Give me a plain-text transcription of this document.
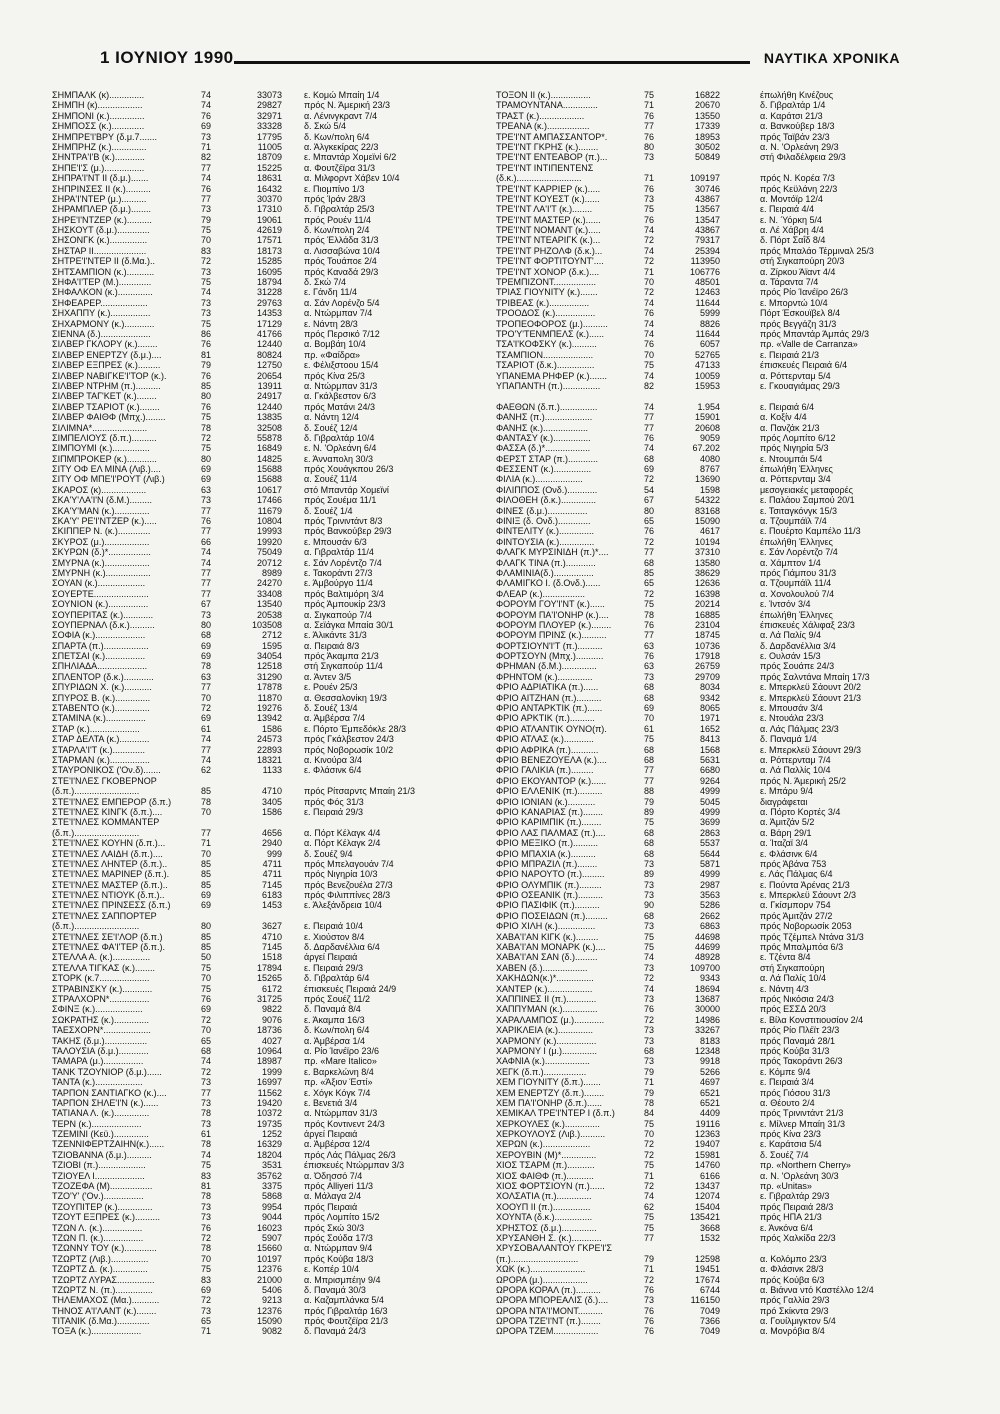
1 ΙΟΥΝΙΟΥ 1990	ΝΑΥΤΙΚΑ ΧΡΟΝΙΚΑ
ΣΗΜΠΑΛΚ (κ)..............	74	33073 ε. Κομώ Μπαίη 1/4
ΣΗΜΠΗ (κ)..................	74	29827 πρός Ν. Άμερική 23/3
ΣΗΜΠΟΝΙ (κ.)..............	76	32971 α. Λένινγκραντ 7/4
ΣΗΜΠΟΣΣ (κ.).............	69	33328 δ. Σκώ 5/4
ΣΗΜΠΡΕ'Ι'ΒΡΥ (δ.μ.7.......	73	17795 δ. Κων/πολη 6/4
ΣΗΜΠΡΗΖ (κ.)..............	71	11005 α. Άλγκεκίρας 22/3
ΣΗΝΤΡΑ'Ι'Β (κ.)............	82	18709 ε. Μπαντάρ Χομεϊνί 6/2
ΣΗΠΕ'Ι'Σ (μ.)................	77	15225 α. Φουτζέϊρα 31/3
ΣΗΠΡΑ'Ι'ΝΤ ΙΙ (δ.μ.).......	74	18631 α. Μιλφορντ Χάβεν 10/4
ΣΗΠΡΙΝΣΕΣ ΙΙ (κ.)..........	76	16432 ε. Πιομπίνο 1/3
ΣΗΡΑ'Ι'ΝΤΕΡ (μ.)..........	77	30370 πρός Ίράν 28/3
ΣΗΡΑΜΠΛΕΡ (δ.μ.)........	73	17310 δ. Γιβραλτάρ 25/3
ΣΗΡΕ'Ι'ΝΤΖΕΡ (κ.)..........	79	19061 πρός Ρουέν 11/4
ΣΗΣΚΟΥΤ (δ.μ.).............	75	42619 δ. Κων/πολη 2/4
ΣΗΣΟΝΓΚ (κ.)...............	70	17571 πρός Έλλάδα 31/3
ΣΗΣΤΑΡ ΙΙ.....................	83	18173 α. Λισσαβώνα 10/4
ΣΗΤΡΕ'Ι'ΝΤΕΡ ΙΙ (δ.Μα.)..	72	15285 πρός Τουάποε 2/4
ΣΗΤΣΑΜΠΙΟΝ (κ.)...........	73	16095 πρός Καναδά 29/3
ΣΗΦΑ'Ι'ΤΕΡ (Μ.).............	75	18794 δ. Σκώ 7/4
ΣΗΦΑΛΚΟΝ (κ.)..............	74	31228 ε. Γάνδη 11/4
ΣΗΦΕΑΡΕΡ...................	73	29763 α. Σάν Λορένζο 5/4
ΣΗΧΑΠΠΥ (κ.)................	73	14353 α. Ντώρμπαν 7/4
ΣΗΧΑΡΜΟΝΥ (κ.)............	75	17129 ε. Νάντη 28/3
ΣΙΕΝΝΑ (δ.)....................	86	41766 πρός Περσικό 7/12
ΣΙΛΒΕΡ ΓΚΛΟΡΥ (κ.)........	76	12440 α. Βομβάη 10/4
ΣΙΛΒΕΡ ΕΝΕΡΤΖΥ (δ.μ.)....	81	80824 πρ. «Φαίδρα»
ΣΙΛΒΕΡ ΕΞΠΡΕΣ (κ.).........	79	12750 ε. Φέλιξστοου 15/4
ΣΙΛΒΕΡ ΝΑΒΙΓΚΕ'Ι'ΤΟΡ (κ.).	76	20654 πρός Κίνα 25/3
ΣΙΛΒΕΡ ΝΤΡΗΜ (π.)..........	85	13911 α. Ντώρμπαν 31/3
ΣΙΛΒΕΡ ΤΑΓ'ΚΕΤ (κ.)........	80	24917 α. Γκάλβεστον 6/3
ΣΙΛΒΕΡ ΤΣΑΡΙΟΤ (κ.)........	76	12440 πρός Ματάνι 24/3
ΣΙΛΒΕΡ ΦΑΙΘΦ (Μπχ.)........	75	13835 α. Νάντη 12/4
ΣΙΛΙΜΝΑ*......................	78	32508 δ. Σουέζ 12/4
ΣΙΜΠΕΛΙΟΥΣ (δ.π.)..........	72	55878 δ. Γιβραλτάρ 10/4
ΣΙΜΠΟΥΜΙ (κ.)...............	75	16849 ε. Ν. 'Ορλεάνη 6/4
ΣΙΠΜΠΡΟΚΕΡ (κ.)............	80	14825 ε. Άνναπολη 30/3
ΣΙΤΥ ΟΦ ΕΛ ΜΙΝΑ (Λιβ.)....	69	15688 πρός Χουάγκπου 26/3
ΣΙΤΥ ΟΦ ΜΠΕ'Ι'ΡΟΥΤ (Λιβ.)	69	15688 α. Σουέζ 11/4
ΣΚΑΡΟΣ (κ)..................	63	10617 στό Μπαντάρ Χομεϊνί
ΣΚΑ'Υ'ΛΑ'Ι'Ν (δ.Μ.).........	73	17466 πρός Σουέμα 11/1
ΣΚΑ'Υ'ΜΑΝ (κ.)..............	77	11679 δ. Σουέζ 1/4
ΣΚΑ'Υ' ΡΕ'Ι'ΝΤΖΕΡ (κ.).....	76	10804 πρός Τρινιντάντ 8/3
ΣΚΙΠΠΕΡ Ν. (κ.).............	77	19993 πρός Βανκούβερ 29/3
ΣΚΥΡΟΣ (μ.)..................	66	19920 ε. Μπουσάν 6/3
ΣΚΥΡΩΝ (δ.)*.................	74	75049 α. Γιβραλτάρ 11/4
ΣΜΥΡΝΑ (κ.)..................	74	20712 ε. Σάν Λορέντζο 7/4
ΣΜΥΡΝΗ (κ.)..................	77	8989 ε. Τακοράντι 27/3
ΣΟΥΑΝ (κ.)...................	77	24270 ε. Άμβούργο 11/4
ΣΟΥΕΡΤΕ......................	77	33408 πρός Βαλτιμόρη 3/4
ΣΟΥΝΙΟΝ (κ.)................	67	13540 πρός Άμπουκίρ 23/3
ΣΟΥΠΕΡΙΤΑΣ (κ.)............	73	20538 α. Σιγκαπούρ 7/4
ΣΟΥΠΕΡΝΑΛ (δ.κ.)..........	80	103508 α. Σεϊάγκα Μπαία 30/1
ΣΟΦΙΑ (κ.)....................	68	2712 ε. Άλικάντε 31/3
ΣΠΑΡΤΑ (π.)..................	69	1595 α. Πειραιά 8/3
ΣΠΕΤΣΑΙ (κ.)................	69	34054 πρός Άκαμπα 21/3
ΣΠΗΛΙΑΔΑ....................	78	12518 στή Σιγκαπούρ 11/4
ΣΠΛΕΝΤΟΡ (δ.κ.)............	63	31290 α. Άντεν 3/5
ΣΠΥΡΙΔΩΝ Χ. (κ.)...........	77	17878 ε. Ρουέν 25/3
ΣΠΥΡΟΣ Β. (κ.)..............	70	11870 α. Θεσσαλονίκη 19/3
ΣΤΑΒΕΝΤΟ (κ.)..............	72	19276 δ. Σουέζ 13/4
ΣΤΑΜΙΝΑ (κ.)................	69	13942 α. Άμβέρσα 7/4
ΣΤΑΡ (κ.)....................	61	1586 ε. Πόρτο Έμπεδόκλε 28/3
ΣΤΑΡ ΔΕΛΤΑ (κ.)............	74	24573 πρός Γκάλβεστον 24/3
ΣΤΑΡΛΑ'Ι'Τ (κ.).............	77	22893 πρός Νοβορωσίκ 10/2
ΣΤΑΡΜΑΝ (κ.)................	74	18321 α. Κινούρα 3/4
ΣΤΑΥΡΟΝΙΚΟΣ ('Ον.δ).......	62	1133 ε. Φλάσινκ 6/4
ΣΤΕ'Ι'ΝΛΕΣ ΓΚΟΒΕΡΝΟΡ
(δ.π.)..........................	85	4710 πρός Ρίτσαρντς Μπαίη 21/3
ΣΤΕ'Ι'ΝΛΕΣ ΕΜΠΕΡΟΡ (δ.π.)	78	3405 πρός Φός 31/3
ΣΤΕ'Ι'ΝΛΕΣ ΚΙΝΓΚ (δ.π.)....	70	1586 ε. Πειραιά 29/3
ΣΤΕ'Ι'ΝΛΕΣ ΚΟΜΜΑΝΤΕΡ
(δ.π.)..........................	77	4656 α. Πόρτ Κέλαγκ 4/4
ΣΤΕ'Ι'ΝΛΕΣ ΚΟΥΗΝ (δ.π.)...	71	2940 α. Πόρτ Κέλαγκ 2/4
ΣΤΕ'Ι'ΝΛΕΣ ΛΑΙΔΗ (δ.π.)....	70	999 δ. Σουέζ 9/4
ΣΤΕ'Ι'ΝΛΕΣ ΛΗΝΤΕΡ (δ.π.)..	85	4711 πρός Μπελαγουάν 7/4
ΣΤΕ'Ι'ΝΛΕΣ ΜΑΡΙΝΕΡ (δ.π.).	85	4711 πρός Νιγηρία 10/3
ΣΤΕ'Ι'ΝΛΕΣ ΜΑΣΤΕΡ (δ.π.)..	85	7145 πρός Βενεζουέλα 27/3
ΣΤΕ'Ι'ΝΛΕΣ ΝΤΙΟΥΚ (δ.π.)..	69	6183 πρός Φιλιππίνες 28/3
ΣΤΕ'Ι'ΝΛΕΣ ΠΡΙΝΣΕΣΣ (δ.π.)	69	1453 ε. Άλεξάνδρεια 10/4
ΣΤΕ'Ι'ΝΛΕΣ ΣΑΠΠΟΡΤΕΡ
(δ.π.)..........................	80	3627 ε. Πειραιά 10/4
ΣΤΕ'Ι'ΝΛΕΣ ΣΕ'Ι'ΛΟΡ (δ.π.)	85	4710 ε. Χιούστον 8/4
ΣΤΕ'Ι'ΝΛΕΣ ΦΑ'Ι'ΤΕΡ (δ.π.).	85	7145 δ. Δαρδανέλλια 6/4
ΣΤΕΛΛΑ Α. (κ.)...............	50	1518 άργεί Πειραιά
ΣΤΕΛΛΑ ΤΙΓΚΑΣ (κ.)........	75	17894 ε. Πειραιά 29/3
ΣΤΟΡΚ (κ.7....................	70	15265 δ. Γιβραλτάρ 6/4
ΣΤΡΑΒΙΝΣΚΥ (κ.)............	75	6172 έπισκευές Πειραιά 24/9
ΣΤΡΑΛΧΟΡΝ*................	76	31725 πρός Σουέζ 11/2
ΣΦΙΝΞ (κ.)...................	69	9822 δ. Παναμά 8/4
ΣΩΚΡΑΤΗΣ (κ.)..............	72	9076 ε. Άκαμπα 16/3
ΤΑΕΣΧΟΡΝ*...................	70	18736 δ. Κων/πολη 6/4
ΤΑΚΗΣ (δ.μ.).................	65	4027 α. Άμβέρσα 1/4
ΤΑΛΟΥΣΙΑ (δ.μ.)............	68	10964 α. Ρίο Ίανέϊρο 23/6
ΤΑΜΑΡΑ (μ.)................	74	18987 πρ. «Mare Italico»
ΤΑΝΚ ΤΖΟΥΝΙΟΡ (δ.μ.)......	72	1999 ε. Βαρκελώνη 8/4
ΤΑΝΤΑ (κ.)...................	73	16997 πρ. «Άξιον Έστί»
ΤΑΡΠΟΝ ΣΑΝΤΙΑΓΚΟ (κ.)....	77	11562 ε. Χόγκ Κόγκ 7/4
ΤΑΡΠΟΝ ΣΗΛΕ'Ι'Ν (κ.)......	73	19420 ε. Βενετιά 3/4
ΤΑΤΙΑΝΑ Λ. (κ.)..............	78	10372 α. Ντώρμπαν 31/3
ΤΕΡΝ (κ.)....................	73	19735 πρός Κοντινεντ 24/3
ΤΖΕΜΙΝΙ (Κεϋ.)..............	61	1252 άργεί Πειραιά
ΤΖΕΝΝΙΦΕΡΤΖΑΙΗΝ(κ.)......	78	16329 α. Άμβέρσα 12/4
ΤΖΙΟΒΑΝΝΑ (δ.μ.)..........	74	18204 πρός Λάς Πάλμας 26/3
ΤΖΙΟΒΙ (π.)...................	75	3531 έπισκευές Ντώρμπαν 3/3
ΤΖΙΟΥΕΛ Ι....................	83	35762 α. Όδησσό 7/4
ΤΖΟΖΕΦΑ (Μ).................	81	3375 πρός Alliyeri 11/3
ΤΖΟ'Υ' ('Ον.)................	78	5868 α. Μάλαγα 2/4
ΤΖΟΥΠΙΤΕΡ (κ.)..............	73	9954 πρός Πειραιά
ΤΖΟΥΤ ΕΞΠΡΕΣ (κ.)..........	73	9044 πρός Λομπίτο 15/2
ΤΖΩΝ Λ. (κ.)................	76	16023 πρός Σκώ 30/3
ΤΖΩΝ Π. (κ.)................	72	5907 πρός Σούδα 17/3
ΤΖΩΝΝΥ ΤΟΥ (κ.).............	78	15660 α. Ντώρμπαν 9/4
ΤΖΩΡΤΖ (Λιβ.)...............	70	10197 πρός Κούβα 18/3
ΤΖΩΡΤΖ Δ. (κ.)..............	75	12376 ε. Κοπέρ 10/4
ΤΖΩΡΤΖ ΛΥΡΑΣ...............	83	21000 α. Μπρισμπέην 9/4
ΤΖΩΡΤΖ Ν. (π.)...............	69	5406 δ. Παναμά 30/3
ΤΗΛΕΜΑΧΟΣ (Μα.)...........	72	9213 α. Καζαμπλάνκα 5/4
ΤΗΝΟΣ Α'Ι'ΛΑΝΤ (κ.)........	73	12376 πρός Γιβραλτάρ 16/3
ΤΙΤΑΝΙΚ (δ.Μα.).............	65	15090 πρός Φουτζέϊρα 21/3
ΤΟΞΑ (κ.)....................	71	9082 δ. Παναμά 24/3
ΤΟΞΟΝ ΙΙ (κ.)................	75	16822	έπωλήθη Κινέζους
ΤΡΑΜΟΥΝΤΑΝΑ..............	71	20670	δ. Γιβραλτάρ 1/4
ΤΡΑΣΤ (κ.)..................	76	13550	α. Καράτσι 21/3
ΤΡΕΑΝΑ (κ.).................	77	17339	α. Βανκούβερ 18/3
ΤΡΕ'Ι'ΝΤ ΑΜΠΑΣΣΑΝΤΟΡ*.	76	18953	πρός Ταϊβάν 23/3
ΤΡΕ'Ι'ΝΤ ΓΚΡΗΣ (κ.)........	80	30502	α. Ν. 'Ορλεάνη 29/3
ΤΡΕ'Ι'ΝΤ ΕΝΤΕΑΒΟΡ (π.)...	73	50849	στή Φιλαδέλφεια 29/3
ΤΡΕ'Ι'ΝΤ ΙΝΤΙΠΕΝΤΕΝΣ
(δ.κ.)..........................	71	109197	πρός Ν. Κορέα 7/3
ΤΡΕ'Ι'ΝΤ ΚΑΡΡΙΕΡ (κ.).....	76	30746	πρός Κεϋλάνη 22/3
ΤΡΕ'Ι'ΝΤ ΚΟΥΕΣΤ (κ.)......	73	43867	α. Μοντόϊρ 12/4
ΤΡΕ'Ι'ΝΤ ΛΑ'Ι'Τ (κ.)........	75	13567	ε. Πειραιά 4/4
ΤΡΕ'Ι'ΝΤ ΜΑΣΤΕΡ (κ.)......	76	13547	ε. Ν. Ύόρκη 5/4
ΤΡΕ'Ι'ΝΤ ΝΟΜΑΝΤ (κ.).....	74	43867	α. Λέ Χάβρη 4/4
ΤΡΕ'Ι'ΝΤ ΝΤΕΑΡΙΓΚ (κ.)...	72	79317	δ. Πόρτ Σαΐδ 8/4
ΤΡΕ'Ι'ΝΤ ΡΗΖΟΛΦ (δ.κ.)...	74	25394	πρός Μπαλάο Τέρμιναλ 25/3
ΤΡΕ'Ι'ΝΤ ΦΟΡΤΙΤΟΥΝΤ'....	72	113950	στή Σιγκαπούρη 20/3
ΤΡΕ'Ι'ΝΤ ΧΟΝΟΡ (δ.κ.)....	71	106776	α. Ζίρκου Άϊαντ 4/4
ΤΡΕΜΠΙΖΟΝΤ.................	70	48501	α. Τάραντα 7/4
ΤΡΙΑΣ ΓΙΟΥΝΙΤΥ (κ.).......	72	12463	πρός Ρίο Ίανέϊρο 26/3
ΤΡΙΒΕΑΣ (κ.)................	74	11644	ε. Μπορντώ 10/4
ΤΡΟΟΔΟΣ (κ.)................	76	5999	Πόρτ Έσκουϊβελ 8/4
ΤΡΟΠΕΟΦΟΡΟΣ (μ.)..........	74	8826	πρός Βεγγάζη 31/3
ΤΡΟ'Υ'ΤΕΝΜΠΕΛΣ (κ.)......	74	11644	πρός Μπαντάρ Άμπάς 29/3
ΤΣΑ'Ι'ΚΟΦΣΚΥ (κ.)..........	76	6057	πρ. «Valle de Carranza»
ΤΣΑΜΠΙΟΝ....................	70	52765	ε. Πειραιά 21/3
ΤΣΑΡΙΟΤ (δ.κ.)...............	75	47133	έπισκευές Πειραιά 6/4
ΥΠΑΝΕΜΑ ΡΗΦΕΡ (κ.).......	74	10059	α. Ρόττερνταμ 5/4
ΥΠΑΠΑΝΤΗ (π.)...............	82	15953	ε. Γκουαγιάμας 29/3
ΦΑΕΘΩΝ (δ.π.)...............	74	1.954	ε. Πειραιά 6/4
ΦΑΝΗΣ (π.)...................	77	15901	α. Κοξίν 4/4
ΦΑΝΗΣ (κ.)..................	77	20608	α. Πανζάκ 21/3
ΦΑΝΤΑΣΥ (κ.)...............	76	9059	πρός Λομπίτο 6/12
ΦΑΣΣΑ (δ.)*..................	74	67.202	πρός Νιγηρία 5/3
ΦΕΡΣΤ ΣΤΑΡ (π.)............	68	4080	ε. Ντουμπάι 5/4
ΦΕΣΣΕΝΤ (κ.)...............	69	8767	έπωλήθη Έλληνες
ΦΙΛΙΑ (κ.)...................	72	13690	α. Ρόττερνταμ 3/4
ΦΙΛΙΠΠΟΣ (Ονδ.)............	54	1598	μεσογειακές μεταφορές
ΦΙΛΟΘΕΗ (δ.κ.)..............	67	54322	ε. Παλάου Σαμπού 20/1
ΦΙΝΕΣ (δ.μ.)................	80	83168	ε. Τσιταγκόνγκ 15/3
ΦΙΝΙΞ (δ. Ονδ.).............	65	15090	α. Τζουμπάϊλ 7/4
ΦΙΝΤΕΛΙΤΥ (κ.)..............	76	4617	ε. Πουέρτο Καμπέλο 11/3
ΦΙΝΤΟΥΣΙΑ (κ.)..............	72	10194	έπωλήθη Έλληνες
ΦΛΑΓΚ ΜΥΡΣΙΝΙΔΗ (π.)*....	77	37310	ε. Σάν Λορέντζο 7/4
ΦΛΑΓΚ ΤΙΝΑ (π.)............	68	13580	α. Χάμπτον 1/4
ΦΛΑΜΙΝΙΑ(δ.)................	85	38629	πρός Γιάμπου 31/3
ΦΛΑΜΙΓΚΟ Ι. (δ.Ονδ.)......	65	12636	α. Τζουμπάϊλ 11/4
ΦΛΕΑΡ (κ.).................	72	16398	α. Χονολουλού 7/4
ΦΟΡΟΥΜ ΓΟΥ'Ι'ΝΤ (κ.)......	75	20214	ε. Ίντσόν 3/4
ΦΟΡΟΥΜ ΠΑ'Ι'ΟΝΗΡ (κ.)....	78	16885	έπωλήθη Έλληνες
ΦΟΡΟΥΜ ΠΛΟΥΕΡ (κ.)........	76	23104	έπισκευές Χάλιφαξ 23/3
ΦΟΡΟΥΜ ΠΡΙΝΣ (κ.)..........	77	18745	α. Λά Παλίς 9/4
ΦΟΡΤΣΙΟΥΝ'Ι'Τ (π.)..........	63	10736	δ. Δαρδανέλλια 3/4
ΦΟΡΤΣΟΥΝ (Μπχ.)...........	76	17918	ε. Ουλσάν 15/3
ΦΡΗΜΑΝ (δ.Μ.)..............	63	26759	πρός Σουάπε 24/3
ΦΡΗΝΤΟΜ (κ.)..............	73	29709	πρός Σαλντάνα Μπαίη 17/3
ΦΡΙΟ ΑΔΡΙΑΤΙΚΑ (π.)......	68	8034	ε. Μπερκλεϋ Σάουντ 20/2
ΦΡΙΟ ΑΙΤΖΗΑΝ (π.)..........	68	9342	ε. Μπερκλεϋ Σάουντ 21/3
ΦΡΙΟ ΑΝΤΑΡΚΤΙΚ (π.)......	69	8065	ε. Μπουσάν 3/4
ΦΡΙΟ ΑΡΚΤΙΚ (π.)..........	70	1971	ε. Ντουάλα 23/3
ΦΡΙΟ ΑΤΛΑΝΤΙΚ ΟΥΝΟ(π).	61	1652	α. Λάς Πάλμας 23/3
ΦΡΙΟ ΑΤΛΑΣ (κ.)............	75	8413	δ. Παναμά 1/4
ΦΡΙΟ ΑΦΡΙΚΑ (π.)...........	68	1568	ε. Μπερκλεϋ Σάουντ 29/3
ΦΡΙΟ ΒΕΝΕΖΟΥΕΛΑ (κ.)....	68	5631	α. Ρόττερνταμ 7/4
ΦΡΙΟ ΓΑΛΙΚΙΑ (π.).........	77	6680	α. Λά Παλλίς 10/4
ΦΡΙΟ ΕΚΟΥΑΝΤΟΡ (κ.)......	77	9264	πρός Ν. Άμερική 25/2
ΦΡΙΟ ΕΛΛΕΝΙΚ (π.)..........	88	4999	ε. Μπάρυ 9/4
ΦΡΙΟ ΙΟΝΙΑΝ (κ.)...........	79	5045	διαγράφεται
ΦΡΙΟ ΚΑΝΑΡΙΑΣ (π.)........	89	4999	α. Πόρτο Κορτές 3/4
ΦΡΙΟ ΚΑΡΙΜΠΙΚ (π.)........	75	3699	α. Άμιτζάν 5/2
ΦΡΙΟ ΛΑΣ ΠΑΛΜΑΣ (π.)....	68	2863	α. Βάρη 29/1
ΦΡΙΟ ΜΕΞΙΚΟ (π.)..........	68	5537	α. Ίταζαϊ 3/4
ΦΡΙΟ ΜΠΑΧΙΑ (κ.)..........	68	5644	ε. Φλάσινκ 6/4
ΦΡΙΟ ΜΠΡΑΖΙΛ (π.)........	73	5871	πρός Άβάνα 753
ΦΡΙΟ ΝΑΡΟΥΤΟ (π.).........	89	4999	ε. Λάς Πάλμας 6/4
ΦΡΙΟ ΟΛΥΜΠΙΚ (π.).........	73	2987	ε. Πούντα Άρένας 21/3
ΦΡΙΟ ΟΣΕΑΝΙΚ (π.)..........	73	3563	ε. Μπερκλεϋ Σάουντ 2/3
ΦΡΙΟ ΠΑΣΙΦΙΚ (π.)..........	90	5286	α. Γκίσμπορν 754
ΦΡΙΟ ΠΟΣΕΙΔΩΝ (π.).........	68	2662	πρός Άμιτζάν 27/2
ΦΡΙΟ ΧΙΛΗ (κ.)...............	73	6863	πρός Νοβορωσίκ 2053
ΧΑΒΑ'Ι'ΑΝ ΚΙΓΚ (κ.).........	75	44698	πρός Τζέμπελ Ντάνα 31/3
ΧΑΒΑ'Ι'ΑΝ ΜΟΝΑΡΚ (κ.)....	75	44699	πρός Μπαλμπόα 6/3
ΧΑΒΑ'Ι'ΑΝ ΣΑΝ (δ.).........	74	48928	ε. Τζέντα 8/4
ΧΑΒΕΝ (δ.)..................	73	109700	στή Σιγκαπούρη
ΧΑΚΗΔΩΝ(κ.)*...............	72	9343	α. Λά Παλίς 10/4
ΧΑΝΤΕΡ (κ.)..................	74	18694	ε. Νάντη 4/3
ΧΑΠΠΙΝΕΣ ΙΙ (π.)............	73	13687	πρός Νικόσια 24/3
ΧΑΠΠΥΜΑΝ (κ.)..............	76	30000	πρός ΕΣΣΔ 20/3
ΧΑΡΑΛΑΜΠΟΣ (μ.)............	72	14986	ε. Βίλα Κονστιτιουσίον 2/4
ΧΑΡΙΚΛΕΙΑ (κ.)..............	73	33267	πρός Ρίο Πλέϊτ 23/3
ΧΑΡΜΟΝΥ (κ.)................	73	8183	πρός Παναμά 28/1
ΧΑΡΜΟΝΥ Ι (μ.)..............	68	12348	πρός Κούβα 31/3
ΧΑΦΝΙΑ (κ.)..................	73	9918	πρός Τακοράντι 26/3
ΧΕΓΚ (δ.π.).................	79	5266	ε. Κόμπε 9/4
ΧΕΜ ΓΙΟΥΝΙΤΥ (δ.π.).......	71	4697	ε. Πειραιά 3/4
ΧΕΜ ΕΝΕΡΤΖΥ (δ.π.)........	79	6521	πρός Γιόσου 31/3
ΧΕΜ ΠΑ'Ι'ΟΝΗΡ (δ.π.)......	78	6521	α. Θέουτο 2/4
ΧΕΜΙΚΑΛ ΤΡΕ'Ι'ΝΤΕΡ Ι (δ.π.)	84	4409	πρός Τρινιντάντ 21/3
ΧΕΡΚΟΥΛΕΣ (κ.)..............	75	19116	ε. Μίλνερ Μπαίη 31/3
ΧΕΡΚΟΥΛΟΥΣ (Λιβ.)..........	70	12363	πρός Κίνα 23/3
ΧΕΡΩΝ (κ.)...................	72	19407	ε. Καράτσια 5/4
ΧΕΡΟΥΒΙΝ (Μ)*..............	72	15981	δ. Σουέζ 7/4
ΧΙΟΣ ΤΣΑΡΜ (π.)...........	75	14760	πρ. «Northern Cherry»
ΧΙΟΣ ΦΑΙΘΦ (π.)...........	71	6166	α. Ν. 'Ορλεάνη 30/3
ΧΙΟΣ ΦΟΡΤΣΙΟΥΝ (π.)......	72	13437	πρ. «Unitas»
ΧΟΛΣΑΤΙΑ (π.)..............	74	12074	ε. Γιβραλτάρ 29/3
ΧΟΟΥΠ ΙΙ (π.)...............	62	15404	πρός Πειραιά 28/3
ΧΟΥΝΤΑ (δ.κ.)...............	75	135421	πρός ΗΠΑ 21/3
ΧΡΗΣΤΟΣ (δ.μ.)..............	75	3668	ε. Άνκόνα 6/4
ΧΡΥΣΑΝΘΗ Σ. (κ.)............	77	1532	πρός Χαλκίδα 22/3
ΧΡΥΣΟΒΑΛΑΝΤΟΥ ΓΚΡΕ'Ι'Σ
(π.)...........................	79	12598	α. Κολόμπο 23/3
ΧΩΚ (κ.)......................	71	19451	α. Φλάσινκ 28/3
ΩΡΟΡΑ (μ.)..................	72	17674	πρός Κούβα 6/3
ΩΡΟΡΑ ΚΟΡΑΛ (π.)..........	76	6744	α. Βιάννα ντό Καστέλλο 12/4
ΩΡΟΡΑ ΜΠΟΡΕΑΛΙΣ (δ.)....	73	116150	πρός Γαλλία 29/3
ΩΡΟΡΑ ΝΤΑ'Ι'ΜΟΝΤ..........	76	7049	πρό Σκίκντα 29/3
ΩΡΟΡΑ ΤΖΕ'Ι'ΝΤ (π.)........	76	7366	α. Γουίλμιγκτον 5/4
ΩΡΟΡΑ ΤΖΕΜ..................	76	7049	α. Μονρόβια 8/4
